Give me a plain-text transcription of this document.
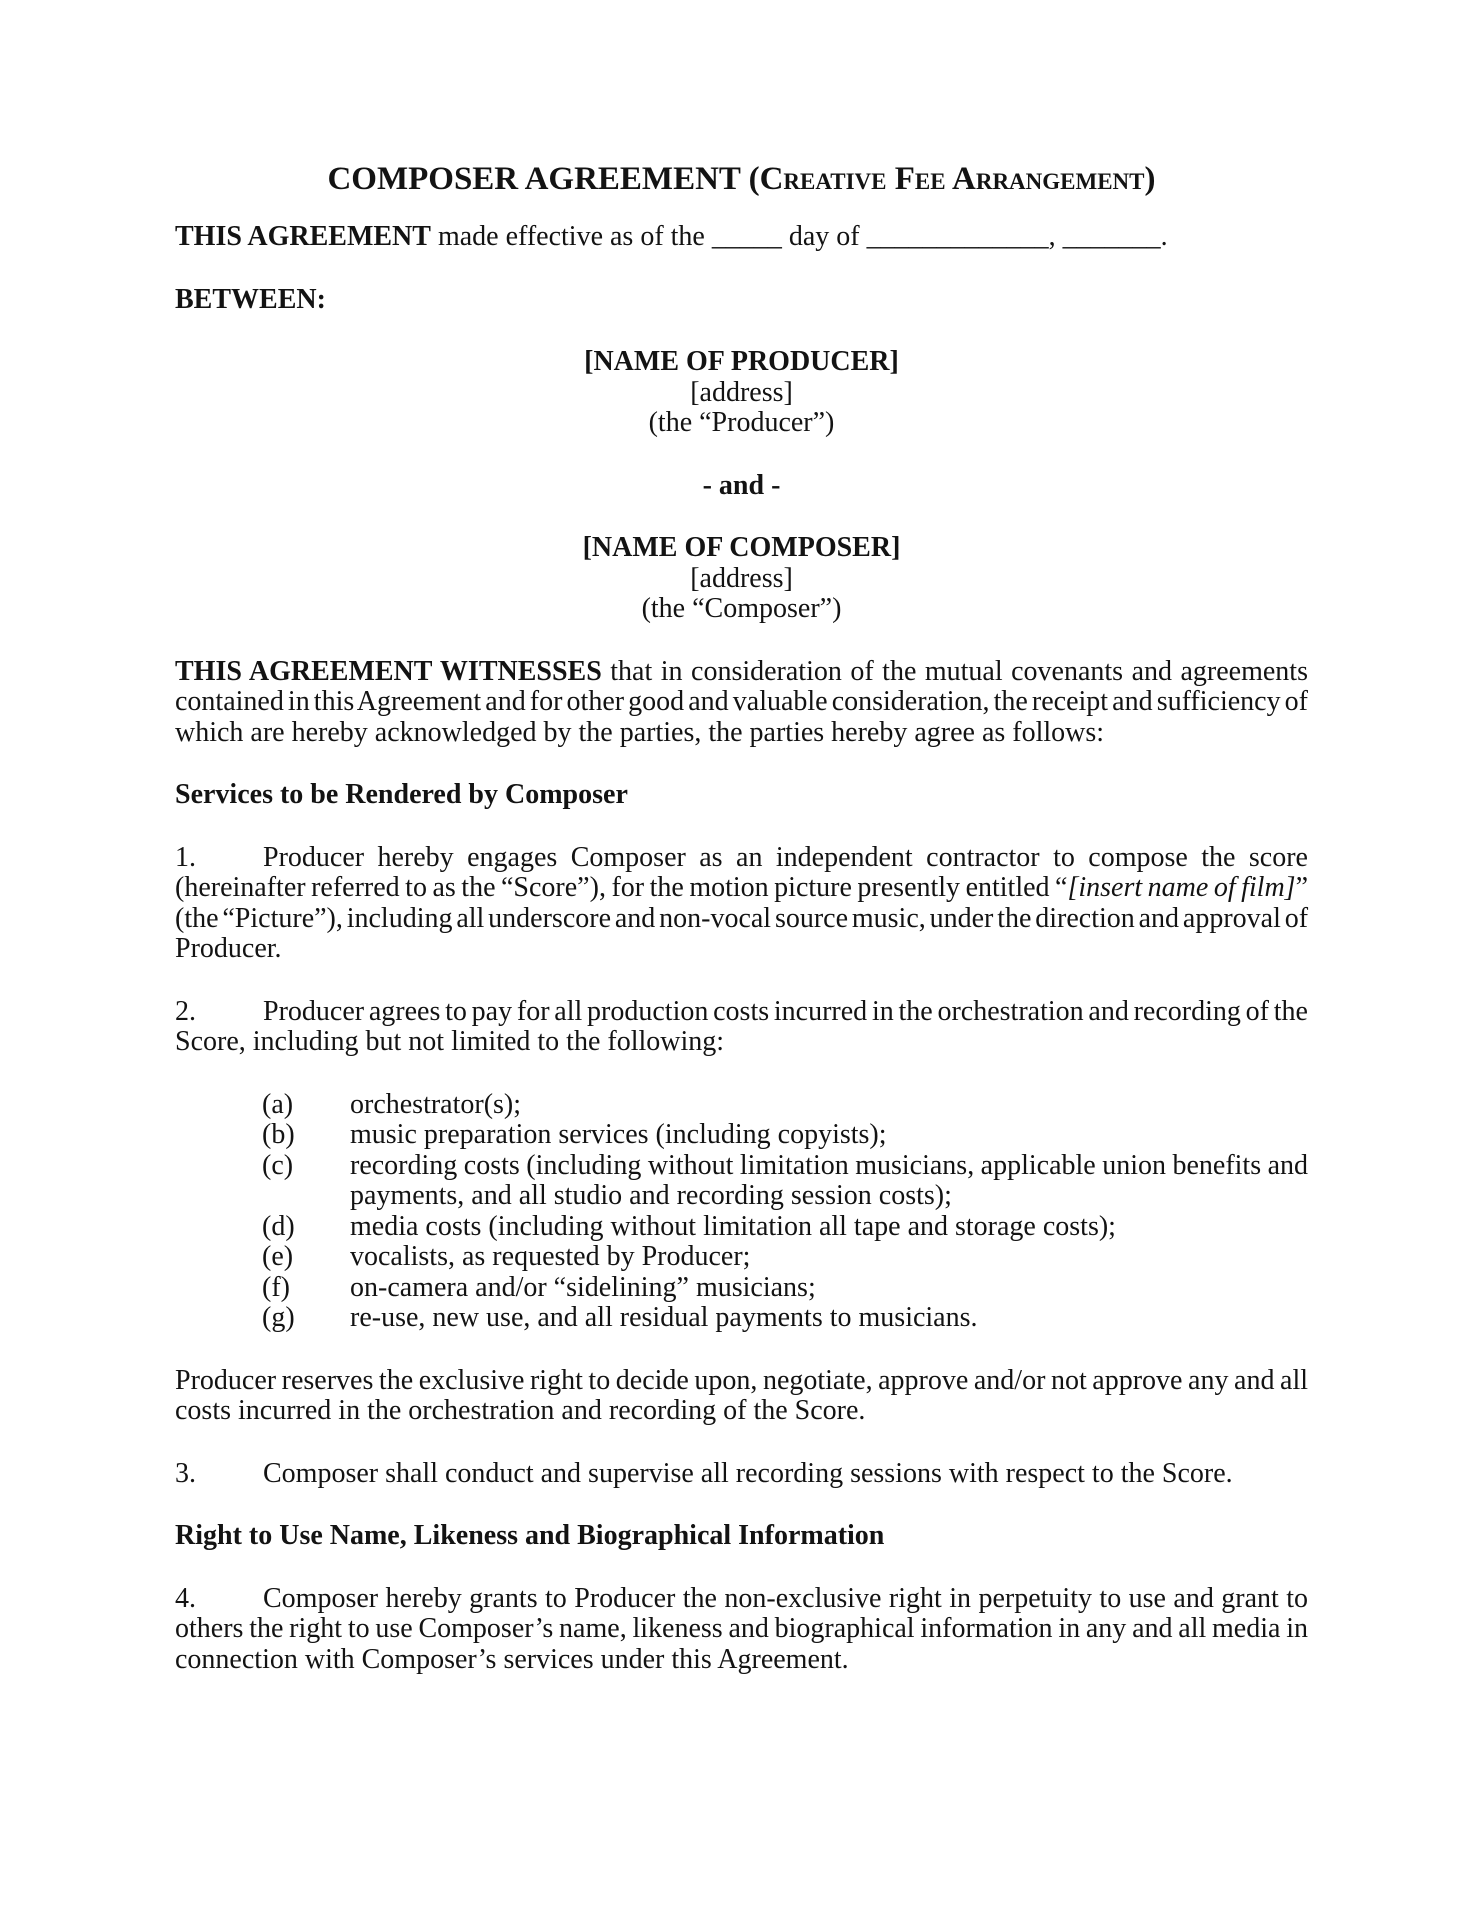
COMPOSER AGREEMENT (Creative Fee Arrangement)
THIS AGREEMENT made effective as of the _____ day of _____________, _______.
BETWEEN:
[NAME OF PRODUCER]
[address]
(the “Producer”)
- and -
[NAME OF COMPOSER]
[address]
(the “Composer”)
THIS AGREEMENT WITNESSES that in consideration of the mutual covenants and agreements
contained in this Agreement and for other good and valuable consideration, the receipt and sufficiency of
which are hereby acknowledged by the parties, the parties hereby agree as follows:
Services to be Rendered by Composer
1. Producer hereby engages Composer as an independent contractor to compose the score
(hereinafter referred to as the “Score”), for the motion picture presently entitled “[insert name of film]”
(the “Picture”), including all underscore and non-vocal source music, under the direction and approval of
Producer.
2. Producer agrees to pay for all production costs incurred in the orchestration and recording of the
Score, including but not limited to the following:
(a) orchestrator(s);
(b) music preparation services (including copyists);
(c) recording costs (including without limitation musicians, applicable union benefits and
payments, and all studio and recording session costs);
(d) media costs (including without limitation all tape and storage costs);
(e) vocalists, as requested by Producer;
(f) on-camera and/or “sidelining” musicians;
(g) re-use, new use, and all residual payments to musicians.
Producer reserves the exclusive right to decide upon, negotiate, approve and/or not approve any and all
costs incurred in the orchestration and recording of the Score.
3. Composer shall conduct and supervise all recording sessions with respect to the Score.
Right to Use Name, Likeness and Biographical Information
4. Composer hereby grants to Producer the non-exclusive right in perpetuity to use and grant to
others the right to use Composer’s name, likeness and biographical information in any and all media in
connection with Composer’s services under this Agreement.
